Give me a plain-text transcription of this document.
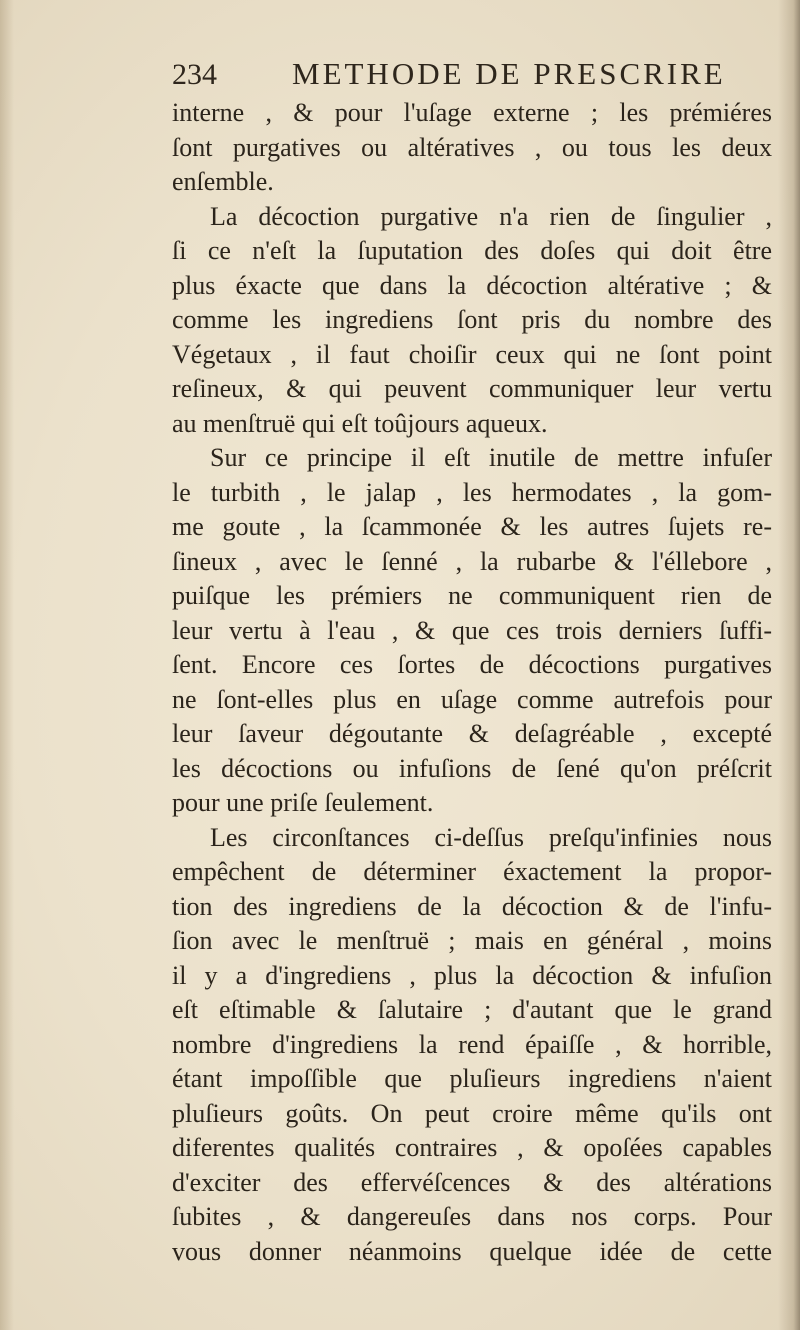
234 METHODE DE PRESCRIRE
interne , & pour l'uſage externe ; les prémiéres
ſont purgatives ou altératives , ou tous les deux
enſemble.
La décoction purgative n'a rien de ſingulier ,
ſi ce n'eſt la ſuputation des doſes qui doit être
plus éxacte que dans la décoction altérative ; &
comme les ingrediens ſont pris du nombre des
Végetaux , il faut choiſir ceux qui ne ſont point
reſineux, & qui peuvent communiquer leur vertu
au menſtruë qui eſt toûjours aqueux.
Sur ce principe il eſt inutile de mettre infuſer
le turbith , le jalap , les hermodates , la gom-
me goute , la ſcammonée & les autres ſujets re-
ſineux , avec le ſenné , la rubarbe & l'éllebore ,
puiſque les prémiers ne communiquent rien de
leur vertu à l'eau , & que ces trois derniers ſuffi-
ſent. Encore ces ſortes de décoctions purgatives
ne ſont-elles plus en uſage comme autrefois pour
leur ſaveur dégoutante & deſagréable , excepté
les décoctions ou infuſions de ſené qu'on préſcrit
pour une priſe ſeulement.
Les circonſtances ci-deſſus preſqu'infinies nous
empêchent de déterminer éxactement la propor-
tion des ingrediens de la décoction & de l'infu-
ſion avec le menſtruë ; mais en général , moins
il y a d'ingrediens , plus la décoction & infuſion
eſt eſtimable & ſalutaire ; d'autant que le grand
nombre d'ingrediens la rend épaiſſe , & horrible,
étant impoſſible que pluſieurs ingrediens n'aient
pluſieurs goûts. On peut croire même qu'ils ont
diferentes qualités contraires , & opoſées capables
d'exciter des effervéſcences & des altérations
ſubites , & dangereuſes dans nos corps. Pour
vous donner néanmoins quelque idée de cette
